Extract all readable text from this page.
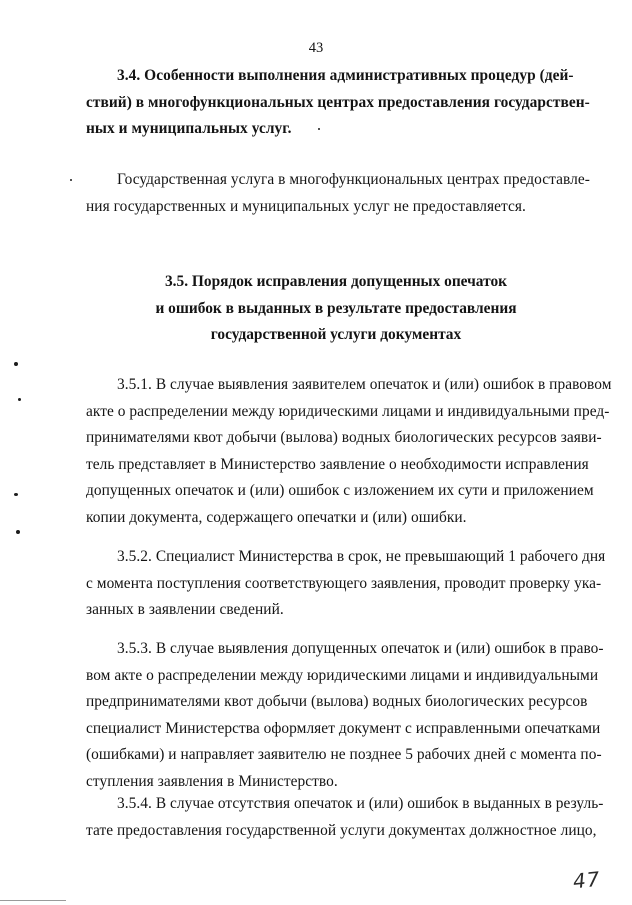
43
3.4. Особенности выполнения административных процедур (дей-
ствий) в многофункциональных центрах предоставления государствен-
ных и муниципальных услуг.
Государственная услуга в многофункциональных центрах предоставле-
ния государственных и муниципальных услуг не предоставляется.
3.5. Порядок исправления допущенных опечаток
и ошибок в выданных в результате предоставления
государственной услуги документах
3.5.1. В случае выявления заявителем опечаток и (или) ошибок в правовом
акте о распределении между юридическими лицами и индивидуальными пред-
принимателями квот добычи (вылова) водных биологических ресурсов заяви-
тель представляет в Министерство заявление о необходимости исправления
допущенных опечаток и (или) ошибок с изложением их сути и приложением
копии документа, содержащего опечатки и (или) ошибки.
3.5.2. Специалист Министерства в срок, не превышающий 1 рабочего дня
с момента поступления соответствующего заявления, проводит проверку ука-
занных в заявлении сведений.
3.5.3. В случае выявления допущенных опечаток и (или) ошибок в право-
вом акте о распределении между юридическими лицами и индивидуальными
предпринимателями квот добычи (вылова) водных биологических ресурсов
специалист Министерства оформляет документ с исправленными опечатками
(ошибками) и направляет заявителю не позднее 5 рабочих дней с момента по-
ступления заявления в Министерство.
3.5.4. В случае отсутствия опечаток и (или) ошибок в выданных в резуль-
тате предоставления государственной услуги документах должностное лицо,
47
